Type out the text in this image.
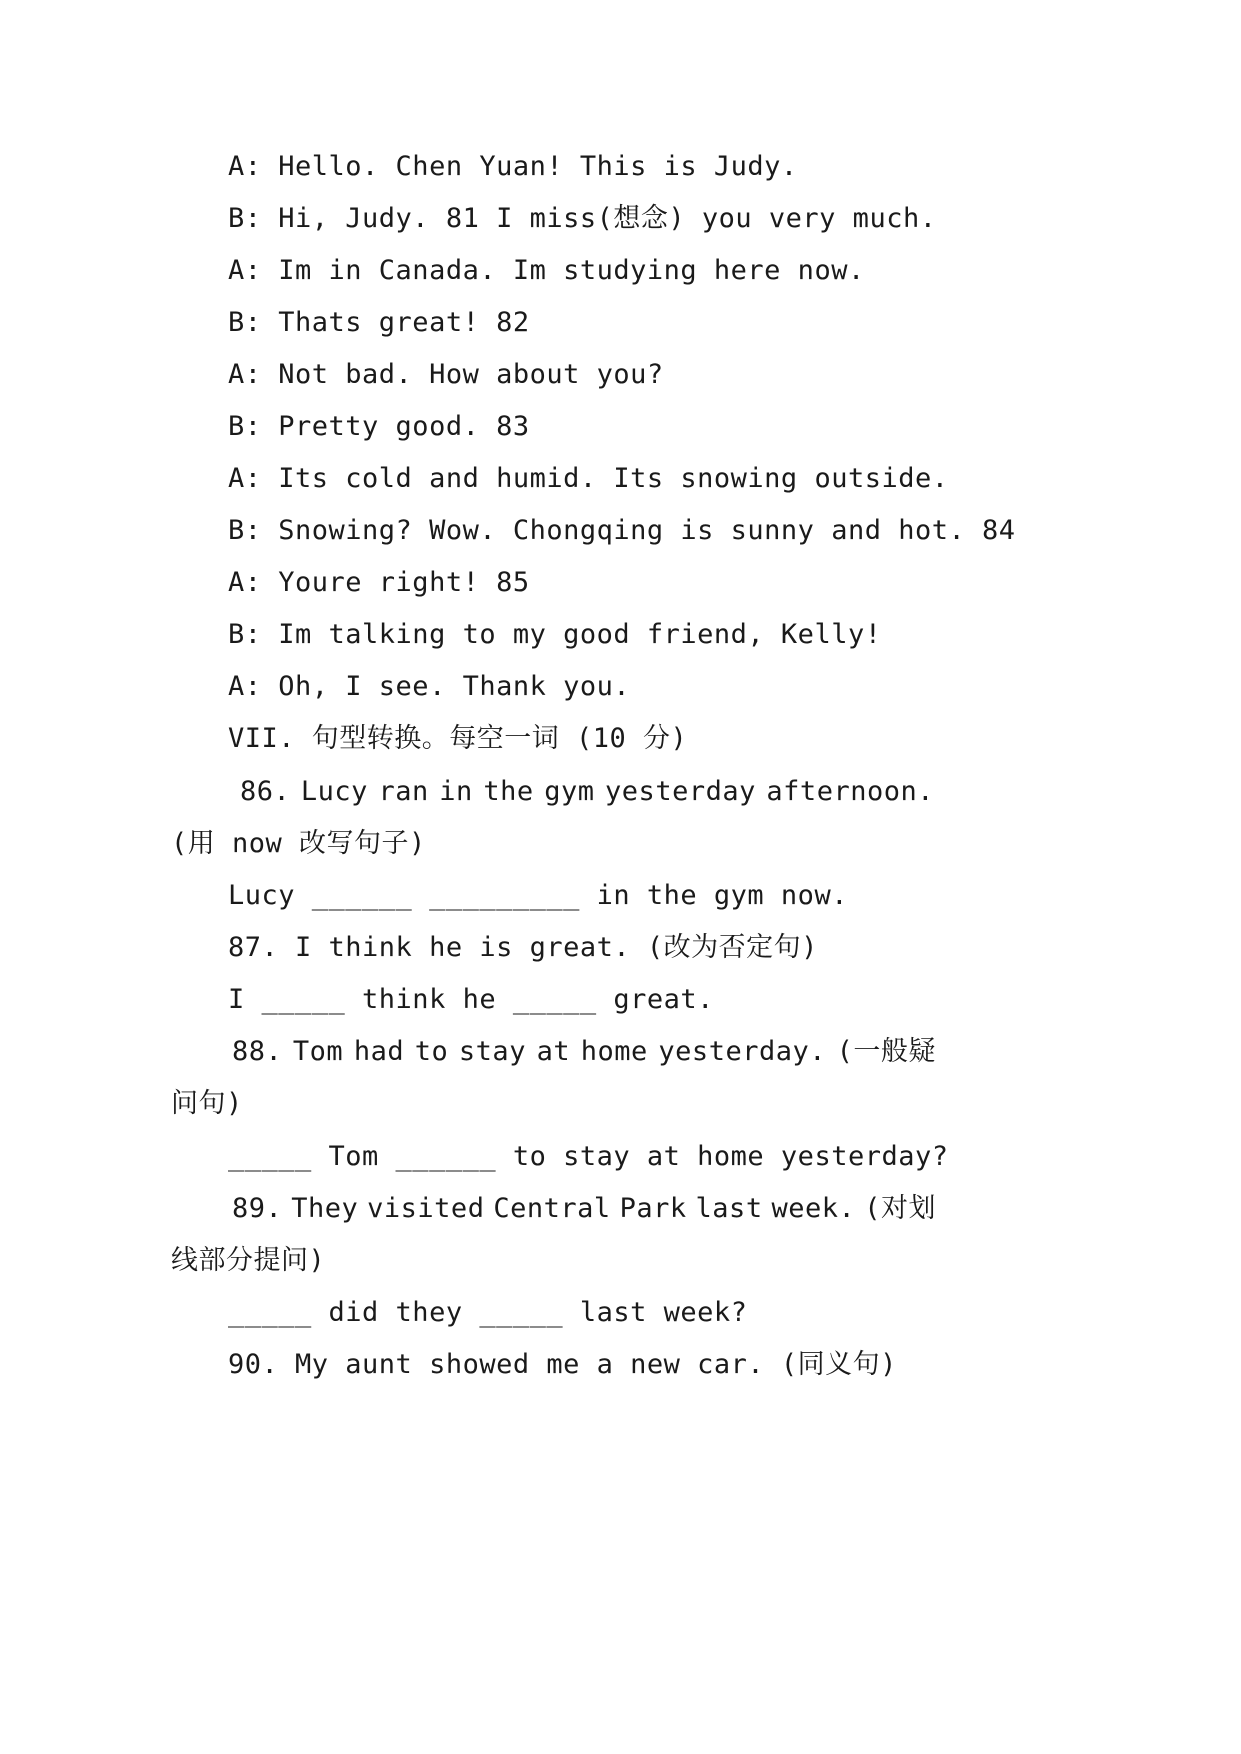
A: Hello. Chen Yuan! This is Judy.
B: Hi, Judy. 81 I miss(想念) you very much.
A: Im in Canada. Im studying here now.
B: Thats great! 82
A: Not bad. How about you?
B: Pretty good. 83
A: Its cold and humid. Its snowing outside.
B: Snowing? Wow. Chongqing is sunny and hot. 84
A: Youre right! 85
B: Im talking to my good friend, Kelly!
A: Oh, I see. Thank you.
VII. 句型转换。每空一词 (10 分)
86. Lucy ran in the gym yesterday afternoon.
(用 now 改写句子)
Lucy ______ _________ in the gym now.
87. I think he is great. (改为否定句)
I _____ think he _____ great.
88. Tom had to stay at home yesterday. (一般疑
问句)
_____ Tom ______ to stay at home yesterday?
89. They visited Central Park last week. (对划
线部分提问)
_____ did they _____ last week?
90. My aunt showed me a new car. (同义句)
